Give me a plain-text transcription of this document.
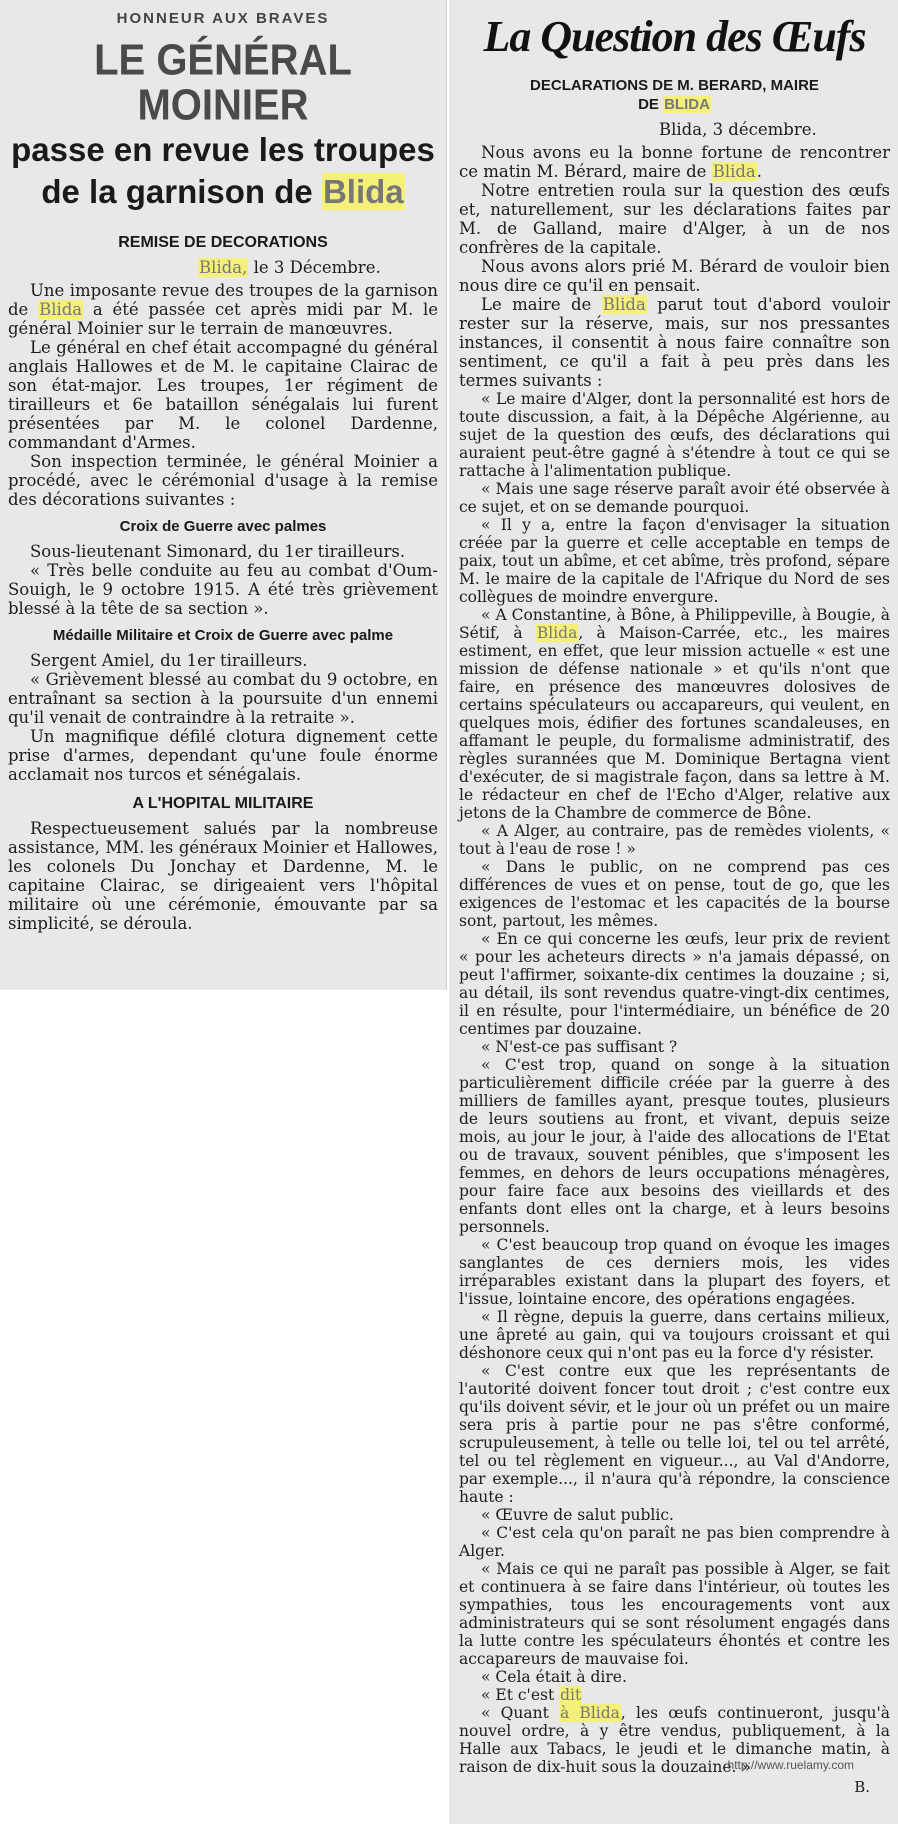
HONNEUR AUX BRAVES
LE GÉNÉRAL MOINIER
passe en revue les troupes
de la garnison de Blida
REMISE DE DECORATIONS
Blida, le 3 Décembre.

Une imposante revue des troupes de la garnison de Blida a été passée cet après midi par M. le général Moinier sur le terrain de manœuvres.

Le général en chef était accompagné du général anglais Hallowes et de M. le capitaine Clairac de son état-major. Les troupes, 1er régiment de tirailleurs et 6e bataillon sénégalais lui furent présentées par M. le colonel Dardenne, commandant d'Armes.

Son inspection terminée, le général Moinier a procédé, avec le cérémonial d'usage à la remise des décorations suivantes :

Croix de Guerre avec palmes

Sous-lieutenant Simonard, du 1er tirailleurs.

« Très belle conduite au feu au combat d'Oum-Souigh, le 9 octobre 1915. A été très grièvement blessé à la tête de sa section ».

Médaille Militaire et Croix de Guerre avec palme

Sergent Amiel, du 1er tirailleurs.

« Grièvement blessé au combat du 9 octobre, en entraînant sa section à la poursuite d'un ennemi qu'il venait de contraindre à la retraite ».

Un magnifique défilé clotura dignement cette prise d'armes, dependant qu'une foule énorme acclamait nos turcos et sénégalais.

A L'HOPITAL MILITAIRE

Respectueusement salués par la nombreuse assistance, MM. les généraux Moinier et Hallowes, les colonels Du Jonchay et Dardenne, M. le capitaine Clairac, se dirigeaient vers l'hôpital militaire où une cérémonie, émouvante par sa simplicité, se déroula.

La Question des Œufs
DECLARATIONS DE M. BERARD, MAIRE
DE BLIDA
Blida, 3 décembre.

Nous avons eu la bonne fortune de rencontrer ce matin M. Bérard, maire de Blida.

Notre entretien roula sur la question des œufs et, naturellement, sur les déclarations faites par M. de Galland, maire d'Alger, à un de nos confrères de la capitale.

Nous avons alors prié M. Bérard de vouloir bien nous dire ce qu'il en pensait.

Le maire de Blida parut tout d'abord vouloir rester sur la réserve, mais, sur nos pressantes instances, il consentit à nous faire connaître son sentiment, ce qu'il a fait à peu près dans les termes suivants :

« Le maire d'Alger, dont la personnalité est hors de toute discussion, a fait, à la Dépêche Algérienne, au sujet de la question des œufs, des déclarations qui auraient peut-être gagné à s'étendre à tout ce qui se rattache à l'alimentation publique.

« Mais une sage réserve paraît avoir été observée à ce sujet, et on se demande pourquoi.

« Il y a, entre la façon d'envisager la situation créée par la guerre et celle acceptable en temps de paix, tout un abîme, et cet abîme, très profond, sépare M. le maire de la capitale de l'Afrique du Nord de ses collègues de moindre envergure.

« A Constantine, à Bône, à Philippeville, à Bougie, à Sétif, à Blida, à Maison-Carrée, etc., les maires estiment, en effet, que leur mission actuelle « est une mission de défense nationale » et qu'ils n'ont que faire, en présence des manœuvres dolosives de certains spéculateurs ou accapareurs, qui veulent, en quelques mois, édifier des fortunes scandaleuses, en affamant le peuple, du formalisme administratif, des règles surannées que M. Dominique Bertagna vient d'exécuter, de si magistrale façon, dans sa lettre à M. le rédacteur en chef de l'Echo d'Alger, relative aux jetons de la Chambre de commerce de Bône.

« A Alger, au contraire, pas de remèdes violents, « tout à l'eau de rose ! »

« Dans le public, on ne comprend pas ces différences de vues et on pense, tout de go, que les exigences de l'estomac et les capacités de la bourse sont, partout, les mêmes.

« En ce qui concerne les œufs, leur prix de revient « pour les acheteurs directs » n'a jamais dépassé, on peut l'affirmer, soixante-dix centimes la douzaine ; si, au détail, ils sont revendus quatre-vingt-dix centimes, il en résulte, pour l'intermédiaire, un bénéfice de 20 centimes par douzaine.

« N'est-ce pas suffisant ?

« C'est trop, quand on songe à la situation particulièrement difficile créée par la guerre à des milliers de familles ayant, presque toutes, plusieurs de leurs soutiens au front, et vivant, depuis seize mois, au jour le jour, à l'aide des allocations de l'Etat ou de travaux, souvent pénibles, que s'imposent les femmes, en dehors de leurs occupations ménagères, pour faire face aux besoins des vieillards et des enfants dont elles ont la charge, et à leurs besoins personnels.

« C'est beaucoup trop quand on évoque les images sanglantes de ces derniers mois, les vides irréparables existant dans la plupart des foyers, et l'issue, lointaine encore, des opérations engagées.

« Il règne, depuis la guerre, dans certains milieux, une âpreté au gain, qui va toujours croissant et qui déshonore ceux qui n'ont pas eu la force d'y résister.

« C'est contre eux que les représentants de l'autorité doivent foncer tout droit ; c'est contre eux qu'ils doivent sévir, et le jour où un préfet ou un maire sera pris à partie pour ne pas s'être conformé, scrupuleusement, à telle ou telle loi, tel ou tel arrêté, tel ou tel règlement en vigueur..., au Val d'Andorre, par exemple..., il n'aura qu'à répondre, la conscience haute :

« Œuvre de salut public.

« C'est cela qu'on paraît ne pas bien comprendre à Alger.

« Mais ce qui ne paraît pas possible à Alger, se fait et continuera à se faire dans l'intérieur, où toutes les sympathies, tous les encouragements vont aux administrateurs qui se sont résolument engagés dans la lutte contre les spéculateurs éhontés et contre les accapareurs de mauvaise foi.

« Cela était à dire.

« Et c'est dit

« Quant à Blida, les œufs continueront, jusqu'à nouvel ordre, à y être vendus, publiquement, à la Halle aux Tabacs, le jeudi et le dimanche matin, à raison de dix-huit sous la douzaine. »

B.

http://www.ruelamy.com
